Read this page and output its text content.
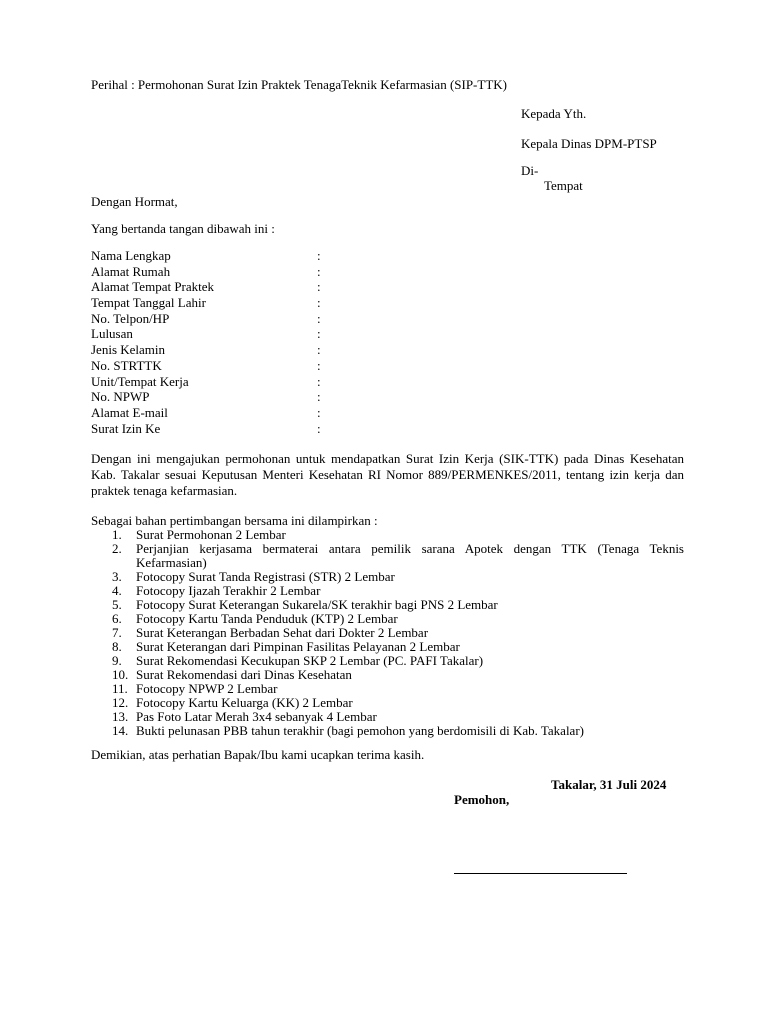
Perihal : Permohonan Surat Izin Praktek TenagaTeknik Kefarmasian (SIP-TTK)
Kepada Yth.
Kepala Dinas DPM-PTSP
Di-
Tempat
Dengan Hormat,
Yang bertanda tangan dibawah ini :
Nama Lengkap	:
Alamat Rumah	:
Alamat Tempat Praktek	:
Tempat Tanggal Lahir	:
No. Telpon/HP	:
Lulusan	:
Jenis Kelamin	:
No. STRTTK	:
Unit/Tempat Kerja	:
No. NPWP	:
Alamat E-mail	:
Surat Izin Ke	:
Dengan ini mengajukan permohonan untuk mendapatkan Surat Izin Kerja (SIK-TTK) pada Dinas Kesehatan Kab. Takalar sesuai Keputusan Menteri Kesehatan RI Nomor 889/PERMENKES/2011, tentang izin kerja dan praktek tenaga kefarmasian.
Sebagai bahan pertimbangan bersama ini dilampirkan :
1.	Surat Permohonan 2 Lembar
2.	Perjanjian kerjasama bermaterai antara pemilik sarana Apotek dengan TTK (Tenaga Teknis Kefarmasian)
3.	Fotocopy Surat Tanda Registrasi (STR) 2 Lembar
4.	Fotocopy Ijazah Terakhir 2 Lembar
5.	Fotocopy Surat Keterangan Sukarela/SK terakhir bagi PNS 2 Lembar
6.	Fotocopy Kartu Tanda Penduduk (KTP) 2 Lembar
7.	Surat Keterangan Berbadan Sehat dari Dokter 2 Lembar
8.	Surat Keterangan dari Pimpinan Fasilitas Pelayanan 2 Lembar
9.	Surat Rekomendasi Kecukupan SKP 2 Lembar (PC. PAFI Takalar)
10. Surat Rekomendasi dari Dinas Kesehatan
11. Fotocopy NPWP 2 Lembar
12. Fotocopy Kartu Keluarga (KK) 2 Lembar
13. Pas Foto Latar Merah 3x4 sebanyak 4 Lembar
14. Bukti pelunasan PBB tahun terakhir (bagi pemohon yang berdomisili di Kab. Takalar)
Demikian, atas perhatian Bapak/Ibu kami ucapkan terima kasih.
Takalar, 31 Juli 2024
Pemohon,
